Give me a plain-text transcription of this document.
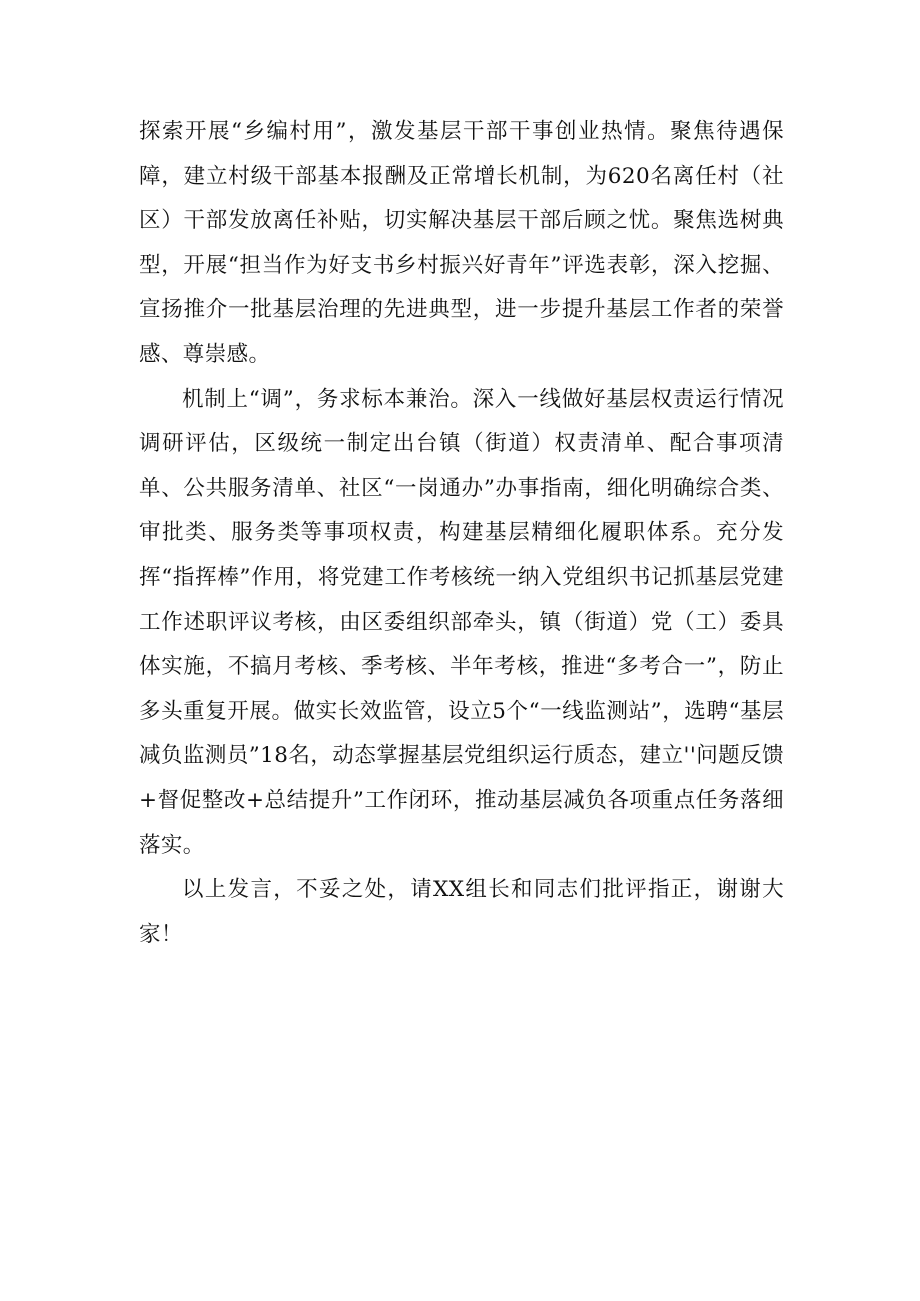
探索开展“乡编村用”，激发基层干部干事创业热情。聚焦待遇保障，建立村级干部基本报酬及正常增长机制，为620名离任村（社区）干部发放离任补贴，切实解决基层干部后顾之忧。聚焦选树典型，开展“担当作为好支书乡村振兴好青年”评选表彰，深入挖掘、宣扬推介一批基层治理的先进典型，进一步提升基层工作者的荣誉感、尊崇感。

机制上“调”，务求标本兼治。深入一线做好基层权责运行情况调研评估，区级统一制定出台镇（街道）权责清单、配合事项清单、公共服务清单、社区“一岗通办”办事指南，细化明确综合类、审批类、服务类等事项权责，构建基层精细化履职体系。充分发挥“指挥棒”作用，将党建工作考核统一纳入党组织书记抓基层党建工作述职评议考核，由区委组织部牵头，镇（街道）党（工）委具体实施，不搞月考核、季考核、半年考核，推进“多考合一”，防止多头重复开展。做实长效监管，设立5个“一线监测站”，选聘“基层减负监测员”18名，动态掌握基层党组织运行质态，建立''问题反馈+督促整改+总结提升”工作闭环，推动基层减负各项重点任务落细落实。

以上发言，不妥之处，请XX组长和同志们批评指正，谢谢大家！
